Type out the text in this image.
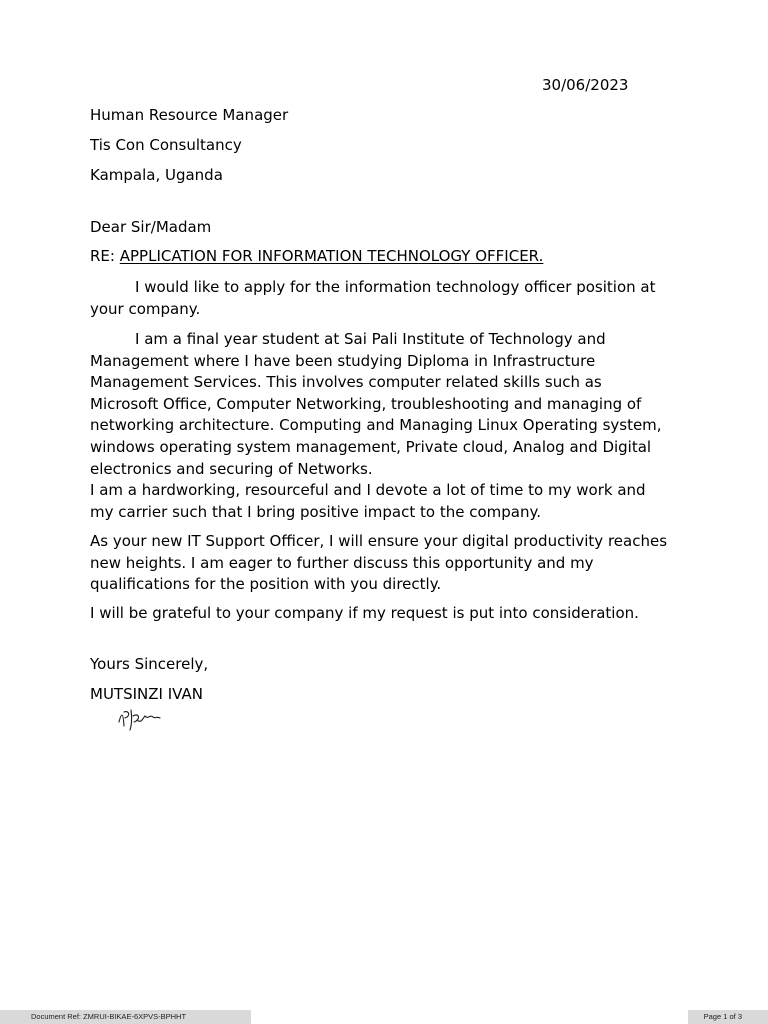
30/06/2023
Human Resource Manager
Tis Con Consultancy
Kampala, Uganda
Dear Sir/Madam
RE: APPLICATION FOR INFORMATION TECHNOLOGY OFFICER.

I would like to apply for the information technology officer position at your company.

I am a final year student at Sai Pali Institute of Technology and Management where I have been studying Diploma in Infrastructure Management Services. This involves computer related skills such as Microsoft Office, Computer Networking, troubleshooting and managing of networking architecture. Computing and Managing Linux Operating system, windows operating system management, Private cloud, Analog and Digital electronics and securing of Networks.

I am a hardworking, resourceful and I devote a lot of time to my work and my carrier such that I bring positive impact to the company.

As your new IT Support Officer, I will ensure your digital productivity reaches new heights. I am eager to further discuss this opportunity and my qualifications for the position with you directly.
I will be grateful to your company if my request is put into consideration.
Yours Sincerely,
MUTSINZI IVAN
Document Ref: ZMRUI-BIKAE-6XPVS-BPHHT	Page 1 of 3
